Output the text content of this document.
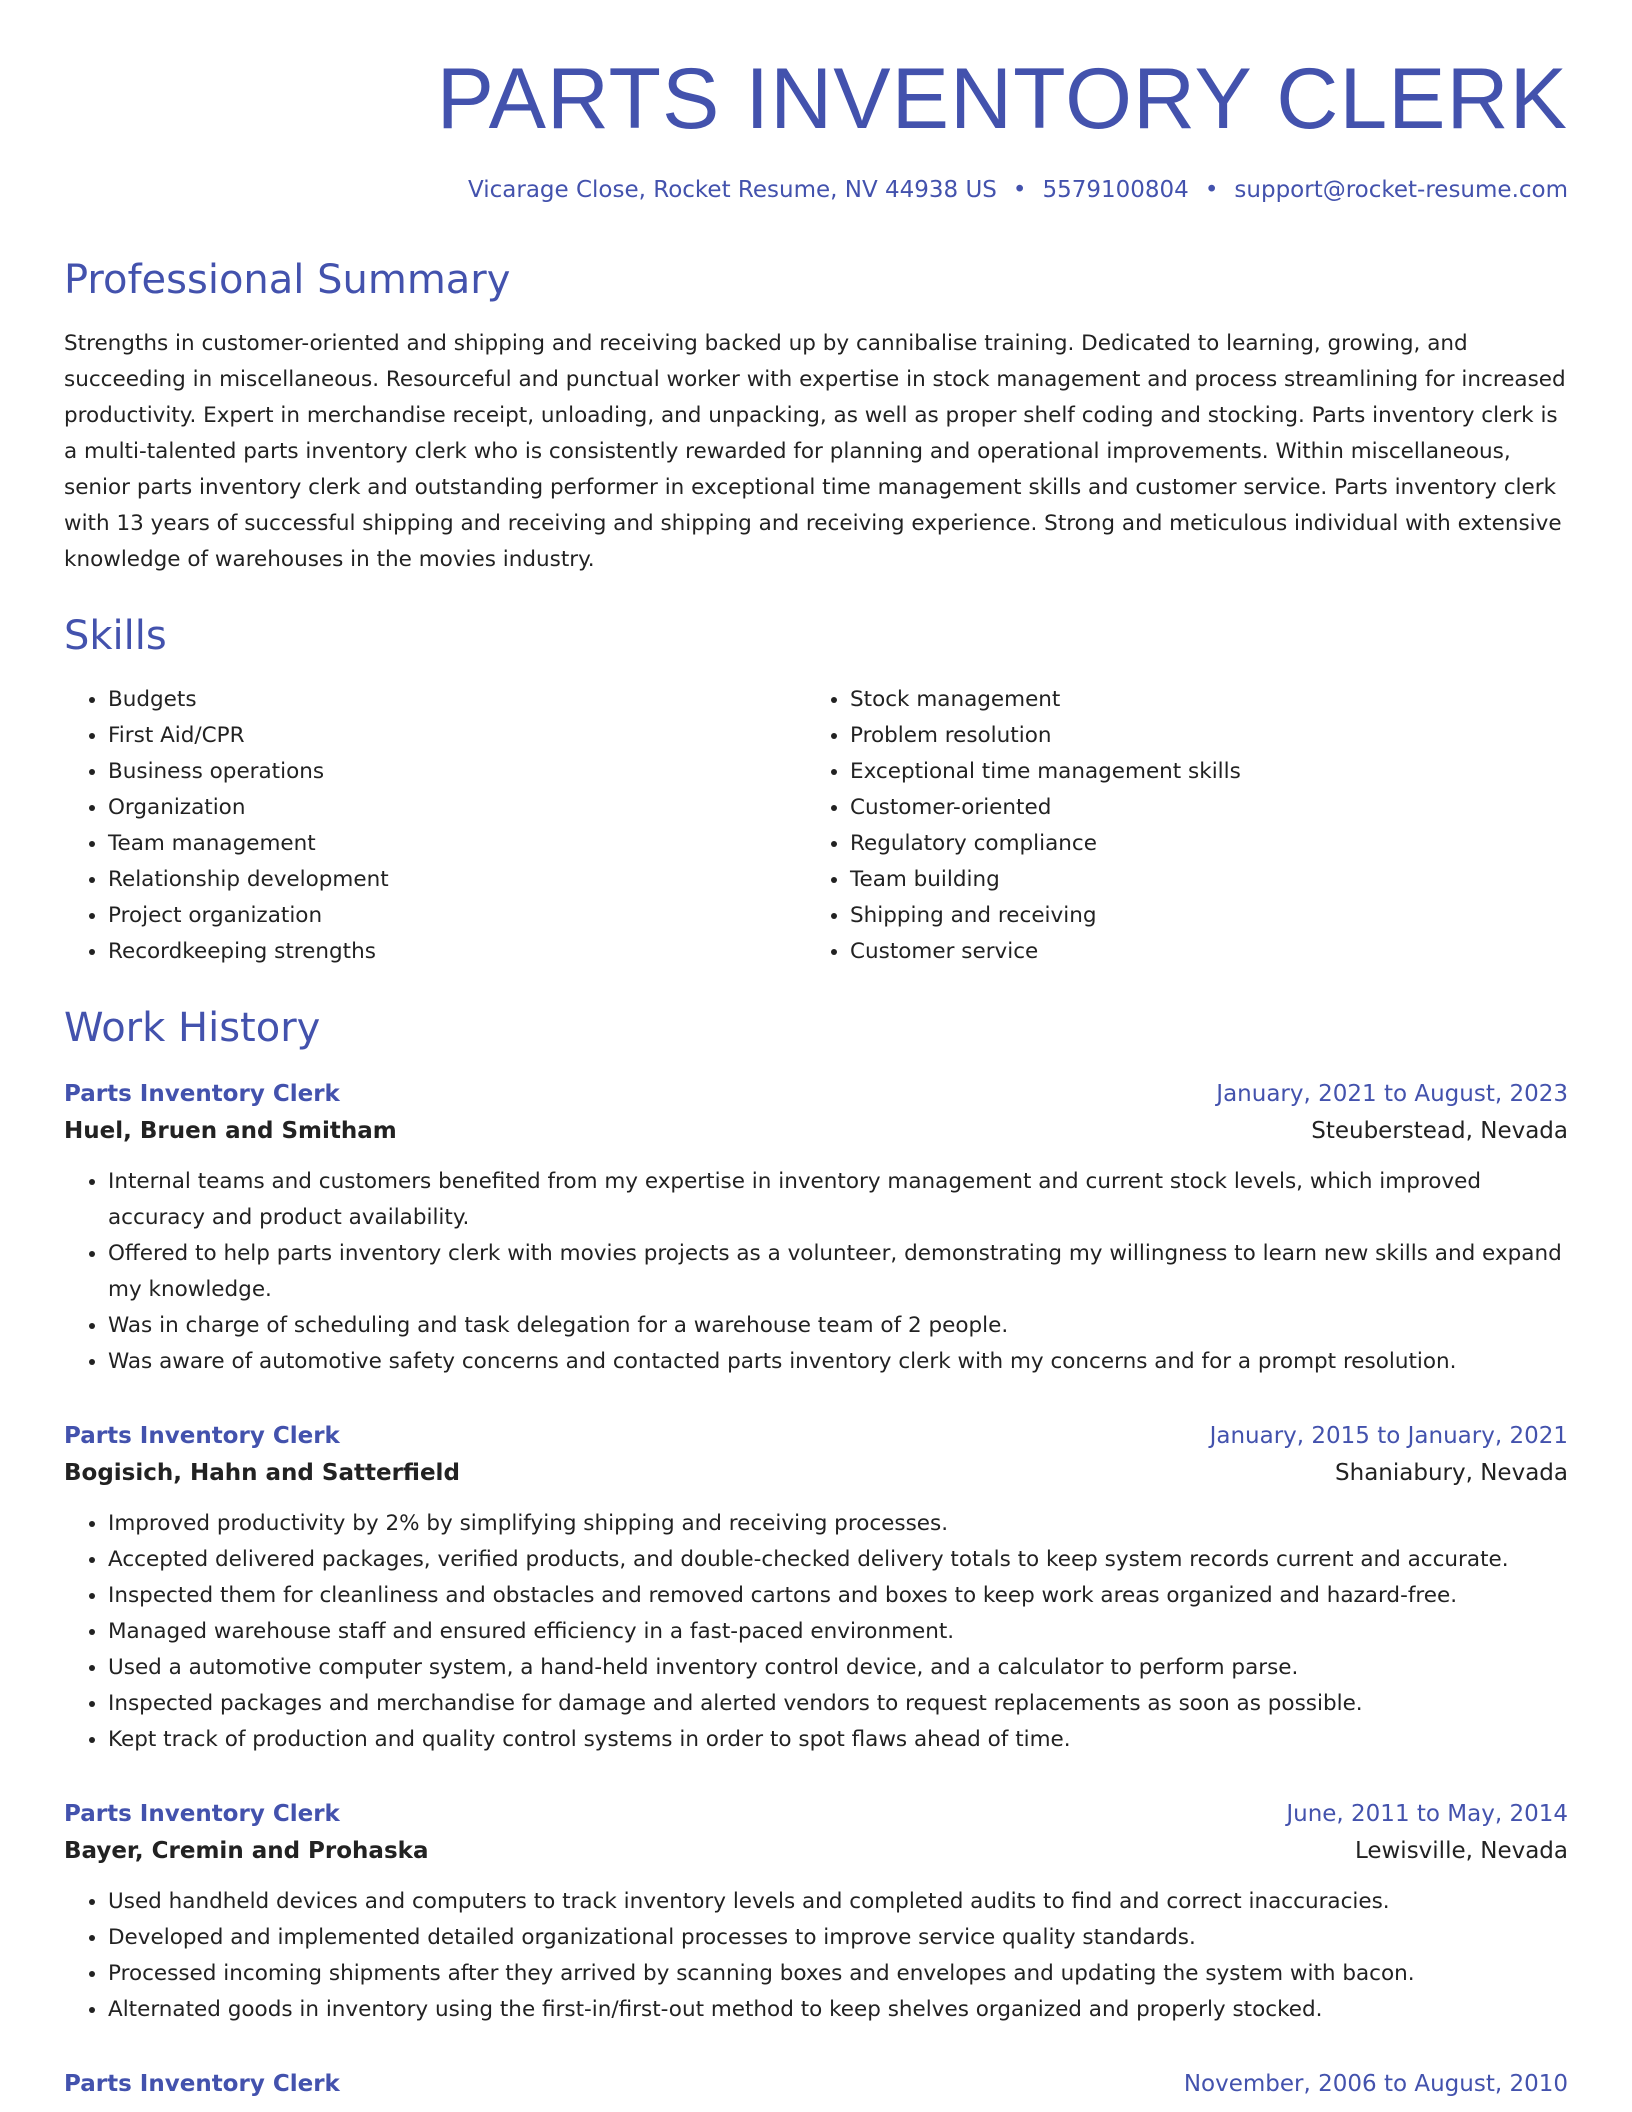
PARTS INVENTORY CLERK
Vicarage Close, Rocket Resume, NV 44938 US • 5579100804 • support@rocket-resume.com
Professional Summary

Strengths in customer-oriented and shipping and receiving backed up by cannibalise training. Dedicated to learning, growing, and succeeding in miscellaneous. Resourceful and punctual worker with expertise in stock management and process streamlining for increased productivity. Expert in merchandise receipt, unloading, and unpacking, as well as proper shelf coding and stocking. Parts inventory clerk is a multi-talented parts inventory clerk who is consistently rewarded for planning and operational improvements. Within miscellaneous, senior parts inventory clerk and outstanding performer in exceptional time management skills and customer service. Parts inventory clerk with 13 years of successful shipping and receiving and shipping and receiving experience. Strong and meticulous individual with extensive knowledge of warehouses in the movies industry.

Skills
• Budgets
• First Aid/CPR
• Business operations
• Organization
• Team management
• Relationship development
• Project organization
• Recordkeeping strengths
• Stock management
• Problem resolution
• Exceptional time management skills
• Customer-oriented
• Regulatory compliance
• Team building
• Shipping and receiving
• Customer service
Work History
Parts Inventory Clerk	January, 2021 to August, 2023
Huel, Bruen and Smitham	Steuberstead, Nevada
• Internal teams and customers benefited from my expertise in inventory management and current stock levels, which improved accuracy and product availability.
• Offered to help parts inventory clerk with movies projects as a volunteer, demonstrating my willingness to learn new skills and expand my knowledge.
• Was in charge of scheduling and task delegation for a warehouse team of 2 people.
• Was aware of automotive safety concerns and contacted parts inventory clerk with my concerns and for a prompt resolution.
Parts Inventory Clerk	January, 2015 to January, 2021
Bogisich, Hahn and Satterfield	Shaniabury, Nevada
• Improved productivity by 2% by simplifying shipping and receiving processes.
• Accepted delivered packages, verified products, and double-checked delivery totals to keep system records current and accurate.
• Inspected them for cleanliness and obstacles and removed cartons and boxes to keep work areas organized and hazard-free.
• Managed warehouse staff and ensured efficiency in a fast-paced environment.
• Used a automotive computer system, a hand-held inventory control device, and a calculator to perform parse.
• Inspected packages and merchandise for damage and alerted vendors to request replacements as soon as possible.
• Kept track of production and quality control systems in order to spot flaws ahead of time.
Parts Inventory Clerk	June, 2011 to May, 2014
Bayer, Cremin and Prohaska	Lewisville, Nevada
• Used handheld devices and computers to track inventory levels and completed audits to find and correct inaccuracies.
• Developed and implemented detailed organizational processes to improve service quality standards.
• Processed incoming shipments after they arrived by scanning boxes and envelopes and updating the system with bacon.
• Alternated goods in inventory using the first-in/first-out method to keep shelves organized and properly stocked.
Parts Inventory Clerk	November, 2006 to August, 2010
